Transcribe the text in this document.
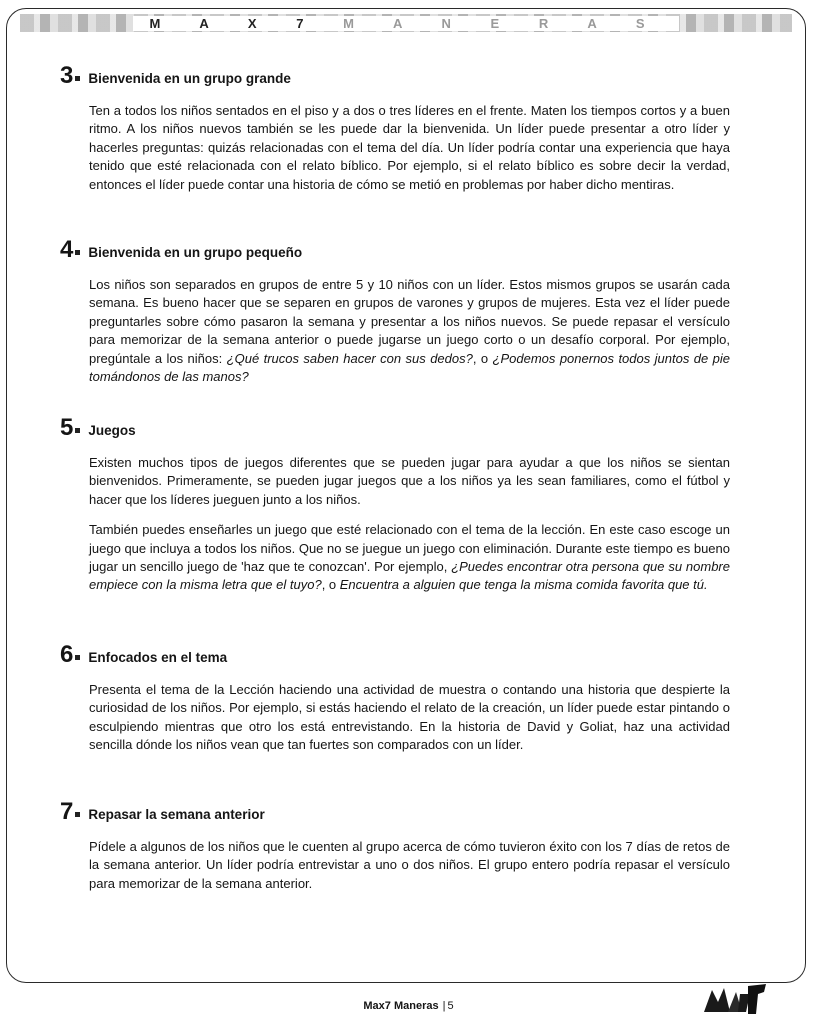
M A X 7 M A N E R A S
3 Bienvenida en un grupo grande

Ten a todos los niños sentados en el piso y a dos o tres líderes en el frente. Maten los tiempos cortos y a buen ritmo. A los niños nuevos también se les puede dar la bienvenida. Un líder puede presentar a otro líder y hacerles preguntas: quizás relacionadas con el tema del día. Un líder podría contar una experiencia que haya tenido que esté relacionada con el relato bíblico. Por ejemplo, si el relato bíblico es sobre decir la verdad, entonces el líder puede contar una historia de cómo se metió en problemas por haber dicho mentiras.

4 Bienvenida en un grupo pequeño

Los niños son separados en grupos de entre 5 y 10 niños con un líder. Estos mismos grupos se usarán cada semana. Es bueno hacer que se separen en grupos de varones y grupos de mujeres. Esta vez el líder puede preguntarles sobre cómo pasaron la semana y presentar a los niños nuevos. Se puede repasar el versículo para memorizar de la semana anterior o puede jugarse un juego corto o un desafío corporal. Por ejemplo, pregúntale a los niños: ¿Qué trucos saben hacer con sus dedos?, o ¿Podemos ponernos todos juntos de pie tomándonos de las manos?

5 Juegos

Existen muchos tipos de juegos diferentes que se pueden jugar para ayudar a que los niños se sientan bienvenidos. Primeramente, se pueden jugar juegos que a los niños ya les sean familiares, como el fútbol y hacer que los líderes jueguen junto a los niños.

También puedes enseñarles un juego que esté relacionado con el tema de la lección. En este caso escoge un juego que incluya a todos los niños. Que no se juegue un juego con eliminación. Durante este tiempo es bueno jugar un sencillo juego de 'haz que te conozcan'. Por ejemplo, ¿Puedes encontrar otra persona que su nombre empiece con la misma letra que el tuyo?, o Encuentra a alguien que tenga la misma comida favorita que tú.

6 Enfocados en el tema

Presenta el tema de la Lección haciendo una actividad de muestra o contando una historia que despierte la curiosidad de los niños. Por ejemplo, si estás haciendo el relato de la creación, un líder puede estar pintando o esculpiendo mientras que otro los está entrevistando. En la historia de David y Goliat, haz una actividad sencilla dónde los niños vean que tan fuertes son comparados con un líder.

7 Repasar la semana anterior

Pídele a algunos de los niños que le cuenten al grupo acerca de cómo tuvieron éxito con los 7 días de retos de la semana anterior. Un líder podría entrevistar a uno o dos niños. El grupo entero podría repasar el versículo para memorizar de la semana anterior.

Max7 Maneras | 5
